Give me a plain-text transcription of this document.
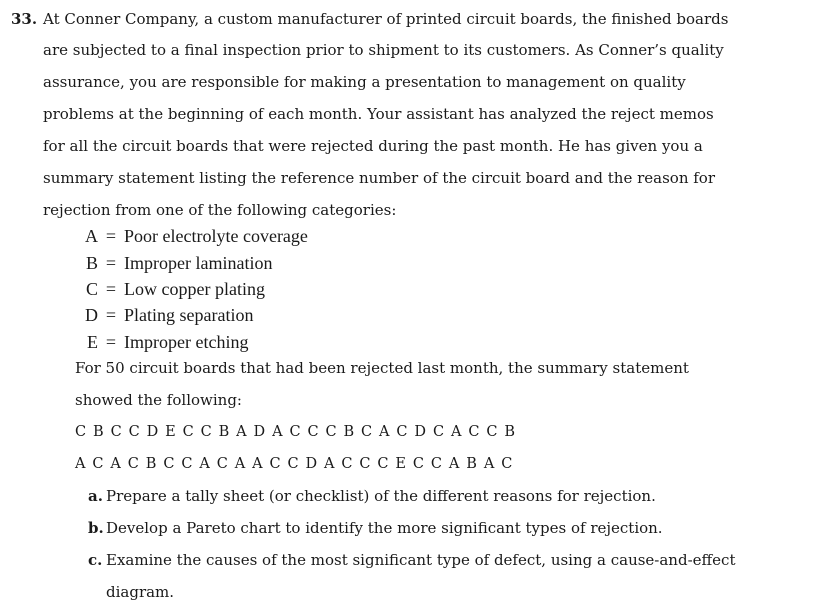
33. At Conner Company, a custom manufacturer of printed circuit boards, the finished boards
are subjected to a final inspection prior to shipment to its customers. As Conner’s quality
assurance, you are responsible for making a presentation to management on quality
problems at the beginning of each month. Your assistant has analyzed the reject memos
for all the circuit boards that were rejected during the past month. He has given you a
summary statement listing the reference number of the circuit board and the reason for
rejection from one of the following categories:
A = Poor electrolyte coverage
B = Improper lamination
C = Low copper plating
D = Plating separation
E = Improper etching
For 50 circuit boards that had been rejected last month, the summary statement
showed the following:
C B C C D E C C B A D A C C C B C A C D C A C C B
A C A C B C C A C A A C C D A C C C E C C A B A C
a. Prepare a tally sheet (or checklist) of the different reasons for rejection.
b. Develop a Pareto chart to identify the more significant types of rejection.
c. Examine the causes of the most significant type of defect, using a cause-and-effect
diagram.
